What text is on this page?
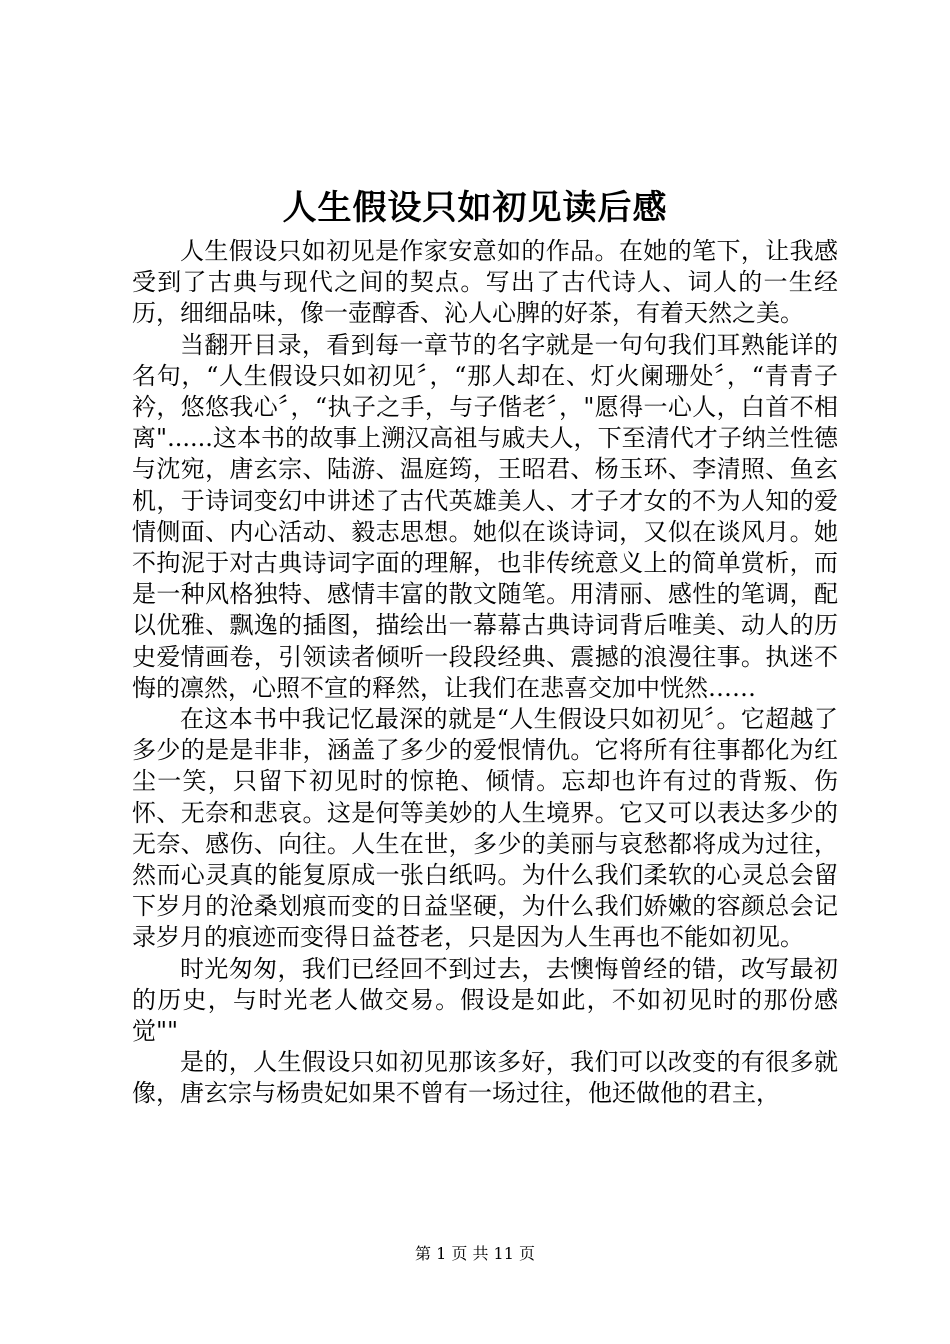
人生假设只如初见读后感

人生假设只如初见是作家安意如的作品。在她的笔下，让我感受到了古典与现代之间的契点。写出了古代诗人、词人的一生经历，细细品味，像一壶醇香、沁人心脾的好茶，有着天然之美。

当翻开目录，看到每一章节的名字就是一句句我们耳熟能详的名句，“人生假设只如初见〞，“那人却在、灯火阑珊处〞，“青青子衿，悠悠我心〞，“执子之手，与子偕老〞，"愿得一心人，白首不相离"......这本书的故事上溯汉高祖与戚夫人，下至清代才子纳兰性德与沈宛，唐玄宗、陆游、温庭筠，王昭君、杨玉环、李清照、鱼玄机，于诗词变幻中讲述了古代英雄美人、才子才女的不为人知的爱情侧面、内心活动、毅志思想。她似在谈诗词，又似在谈风月。她不拘泥于对古典诗词字面的理解，也非传统意义上的简单赏析，而是一种风格独特、感情丰富的散文随笔。用清丽、感性的笔调，配以优雅、飘逸的插图，描绘出一幕幕古典诗词背后唯美、动人的历史爱情画卷，引领读者倾听一段段经典、震撼的浪漫往事。执迷不悔的凛然，心照不宣的释然，让我们在悲喜交加中恍然……

在这本书中我记忆最深的就是“人生假设只如初见〞。它超越了多少的是是非非，涵盖了多少的爱恨情仇。它将所有往事都化为红尘一笑，只留下初见时的惊艳、倾情。忘却也许有过的背叛、伤怀、无奈和悲哀。这是何等美妙的人生境界。它又可以表达多少的无奈、感伤、向往。人生在世，多少的美丽与哀愁都将成为过往，然而心灵真的能复原成一张白纸吗。为什么我们柔软的心灵总会留下岁月的沧桑划痕而变的日益坚硬，为什么我们娇嫩的容颜总会记录岁月的痕迹而变得日益苍老，只是因为人生再也不能如初见。

时光匆匆，我们已经回不到过去，去懊悔曾经的错，改写最初的历史，与时光老人做交易。假设是如此，不如初见时的那份感觉""

是的，人生假设只如初见那该多好，我们可以改变的有很多就像，唐玄宗与杨贵妃如果不曾有一场过往，他还做他的君主，

第 1 页 共 11 页
